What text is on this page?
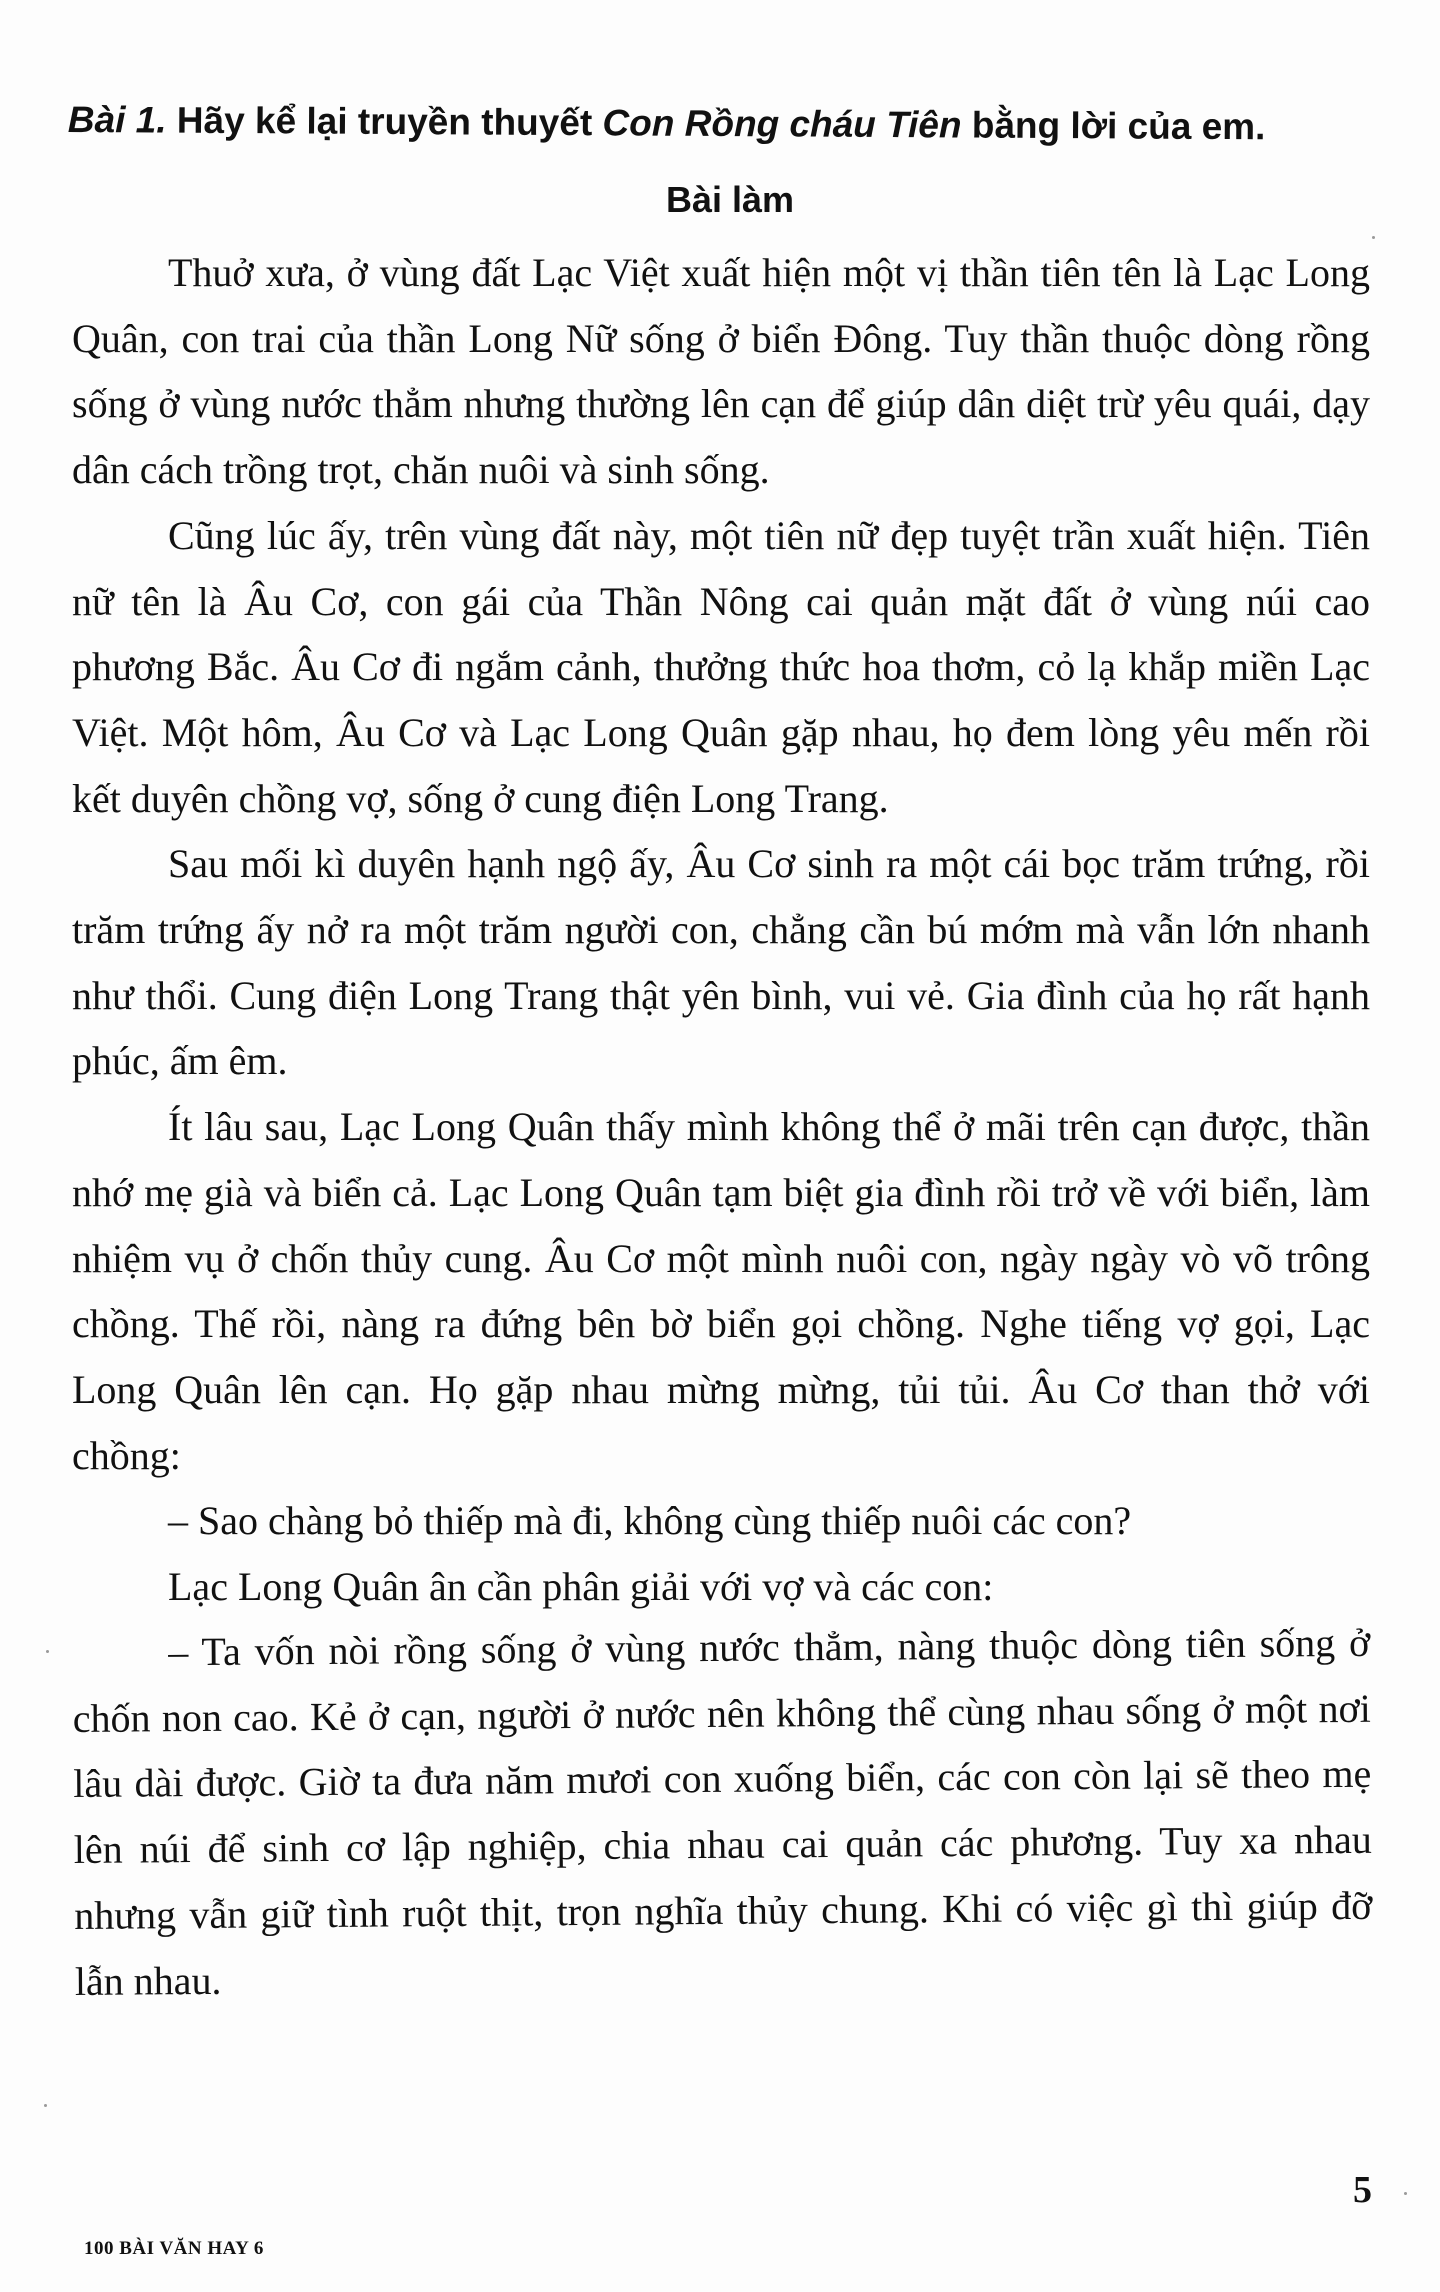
Bài 1. Hãy kể lại truyền thuyết Con Rồng cháu Tiên bằng lời của em.
Bài làm

Thuở xưa, ở vùng đất Lạc Việt xuất hiện một vị thần tiên tên là Lạc Long Quân, con trai của thần Long Nữ sống ở biển Đông. Tuy thần thuộc dòng rồng sống ở vùng nước thẳm nhưng thường lên cạn để giúp dân diệt trừ yêu quái, dạy dân cách trồng trọt, chăn nuôi và sinh sống.

Cũng lúc ấy, trên vùng đất này, một tiên nữ đẹp tuyệt trần xuất hiện. Tiên nữ tên là Âu Cơ, con gái của Thần Nông cai quản mặt đất ở vùng núi cao phương Bắc. Âu Cơ đi ngắm cảnh, thưởng thức hoa thơm, cỏ lạ khắp miền Lạc Việt. Một hôm, Âu Cơ và Lạc Long Quân gặp nhau, họ đem lòng yêu mến rồi kết duyên chồng vợ, sống ở cung điện Long Trang.

Sau mối kì duyên hạnh ngộ ấy, Âu Cơ sinh ra một cái bọc trăm trứng, rồi trăm trứng ấy nở ra một trăm người con, chẳng cần bú mớm mà vẫn lớn nhanh như thổi. Cung điện Long Trang thật yên bình, vui vẻ. Gia đình của họ rất hạnh phúc, ấm êm.

Ít lâu sau, Lạc Long Quân thấy mình không thể ở mãi trên cạn được, thần nhớ mẹ già và biển cả. Lạc Long Quân tạm biệt gia đình rồi trở về với biển, làm nhiệm vụ ở chốn thủy cung. Âu Cơ một mình nuôi con, ngày ngày vò võ trông chồng. Thế rồi, nàng ra đứng bên bờ biển gọi chồng. Nghe tiếng vợ gọi, Lạc Long Quân lên cạn. Họ gặp nhau mừng mừng, tủi tủi. Âu Cơ than thở với chồng:

– Sao chàng bỏ thiếp mà đi, không cùng thiếp nuôi các con?

Lạc Long Quân ân cần phân giải với vợ và các con:

– Ta vốn nòi rồng sống ở vùng nước thẳm, nàng thuộc dòng tiên sống ở chốn non cao. Kẻ ở cạn, người ở nước nên không thể cùng nhau sống ở một nơi lâu dài được. Giờ ta đưa năm mươi con xuống biển, các con còn lại sẽ theo mẹ lên núi để sinh cơ lập nghiệp, chia nhau cai quản các phương. Tuy xa nhau nhưng vẫn giữ tình ruột thịt, trọn nghĩa thủy chung. Khi có việc gì thì giúp đỡ lẫn nhau.

5
100 BÀI VĂN HAY 6
